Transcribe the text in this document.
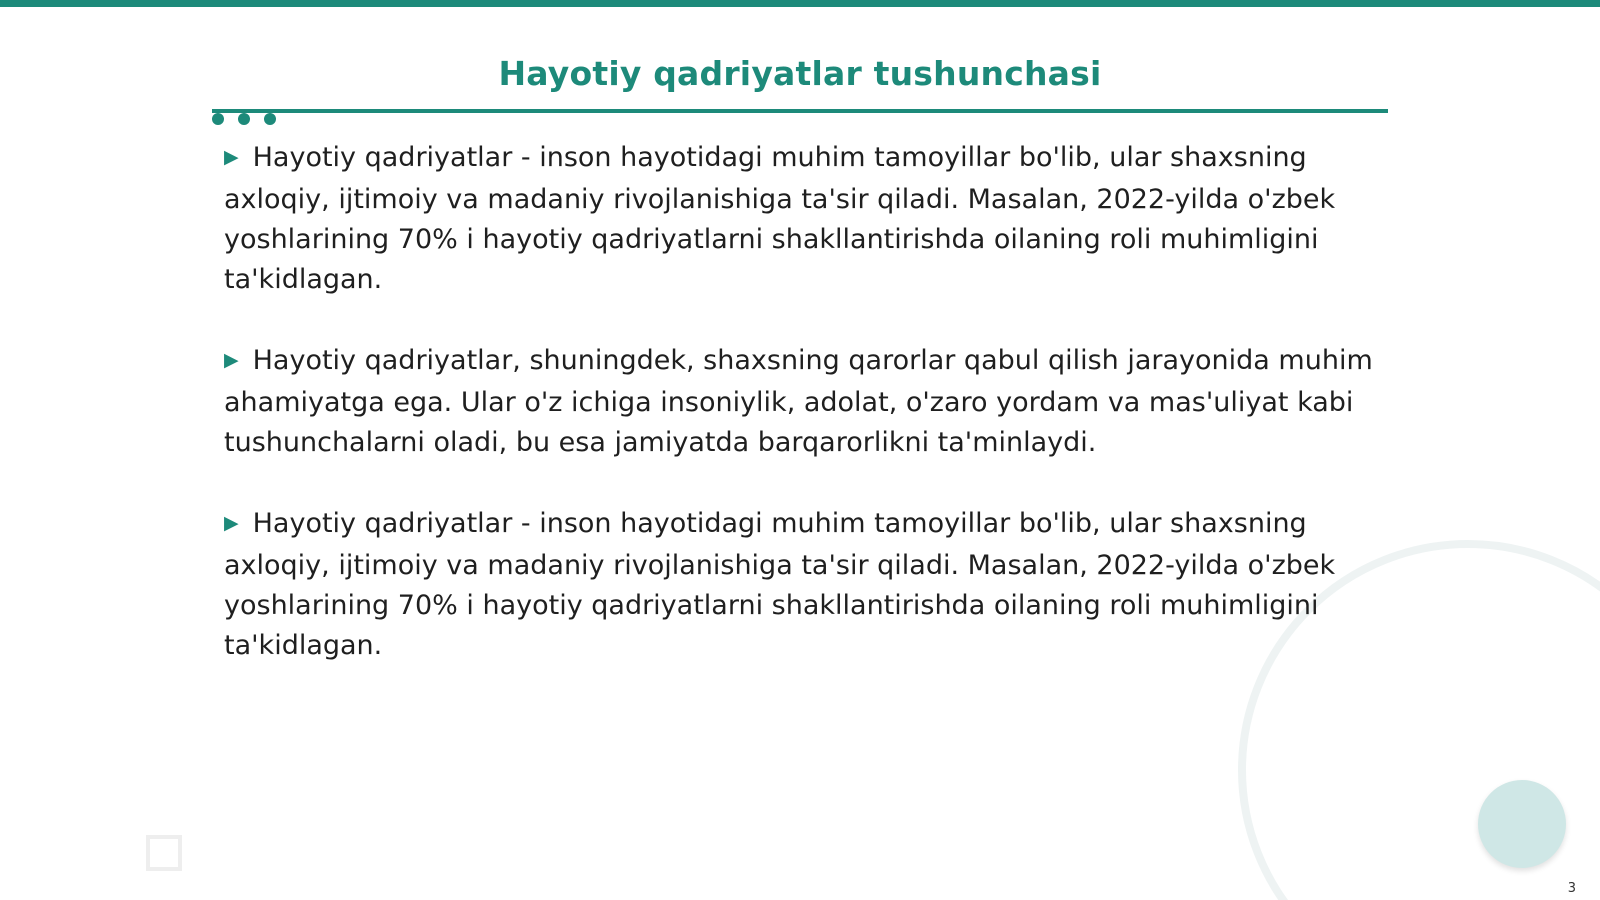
Hayotiy qadriyatlar tushunchasi

▶ Hayotiy qadriyatlar - inson hayotidagi muhim tamoyillar bo'lib, ular shaxsning axloqiy, ijtimoiy va madaniy rivojlanishiga ta'sir qiladi. Masalan, 2022-yilda o'zbek yoshlarining 70% i hayotiy qadriyatlarni shakllantirishda oilaning roli muhimligini ta'kidlagan.

▶ Hayotiy qadriyatlar, shuningdek, shaxsning qarorlar qabul qilish jarayonida muhim ahamiyatga ega. Ular o'z ichiga insoniylik, adolat, o'zaro yordam va mas'uliyat kabi tushunchalarni oladi, bu esa jamiyatda barqarorlikni ta'minlaydi.

▶ Hayotiy qadriyatlar - inson hayotidagi muhim tamoyillar bo'lib, ular shaxsning axloqiy, ijtimoiy va madaniy rivojlanishiga ta'sir qiladi. Masalan, 2022-yilda o'zbek yoshlarining 70% i hayotiy qadriyatlarni shakllantirishda oilaning roli muhimligini ta'kidlagan.

3
